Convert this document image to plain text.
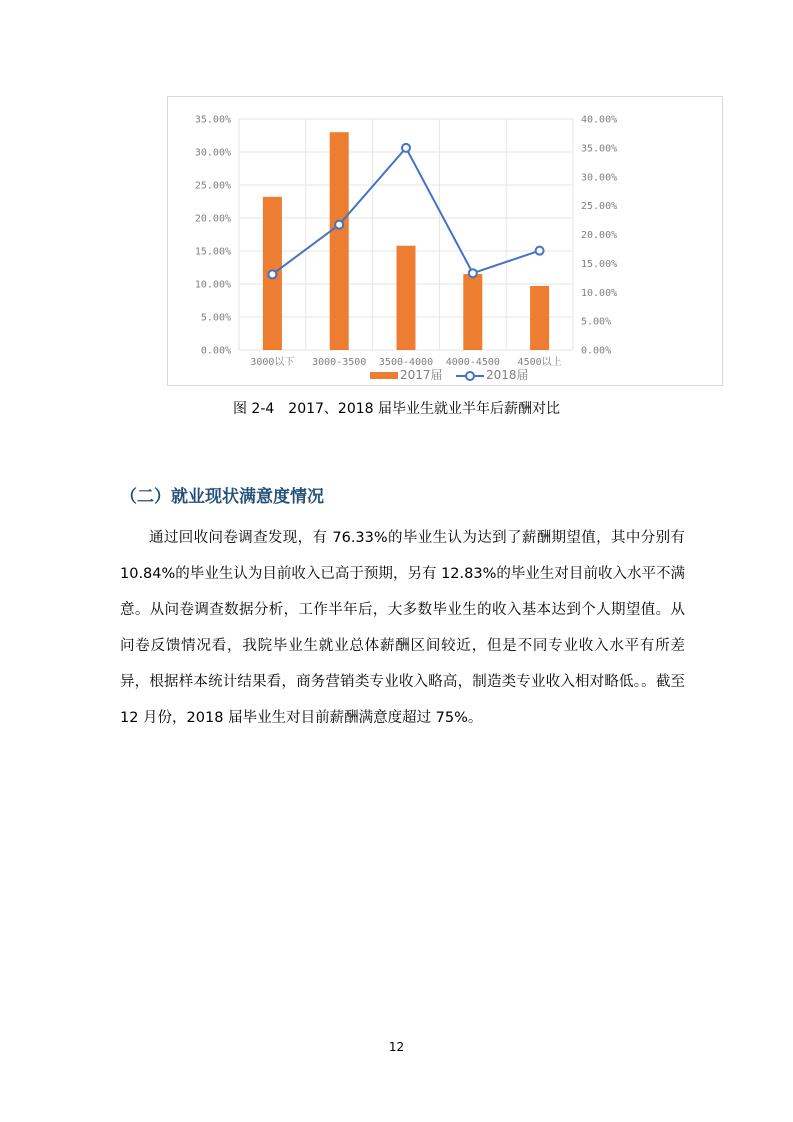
0.00%
5.00%
10.00%
15.00%
20.00%
25.00%
30.00%
35.00%
0.00%
5.00%
10.00%
15.00%
20.00%
25.00%
30.00%
35.00%
40.00%
3000以下 3000-3500 3500-4000 4000-4500 4500以上
2017届	2018届
图 2-4　2017、2018 届毕业生就业半年后薪酬对比
（二）就业现状满意度情况

通过回收问卷调查发现，有 76.33%的毕业生认为达到了薪酬期望值，其中分别有 10.84%的毕业生认为目前收入已高于预期，另有 12.83%的毕业生对目前收入水平不满意。从问卷调查数据分析，工作半年后，大多数毕业生的收入基本达到个人期望值。从问卷反馈情况看，我院毕业生就业总体薪酬区间较近，但是不同专业收入水平有所差异，根据样本统计结果看，商务营销类专业收入略高，制造类专业收入相对略低。。截至 12 月份，2018 届毕业生对目前薪酬满意度超过 75%。

12
